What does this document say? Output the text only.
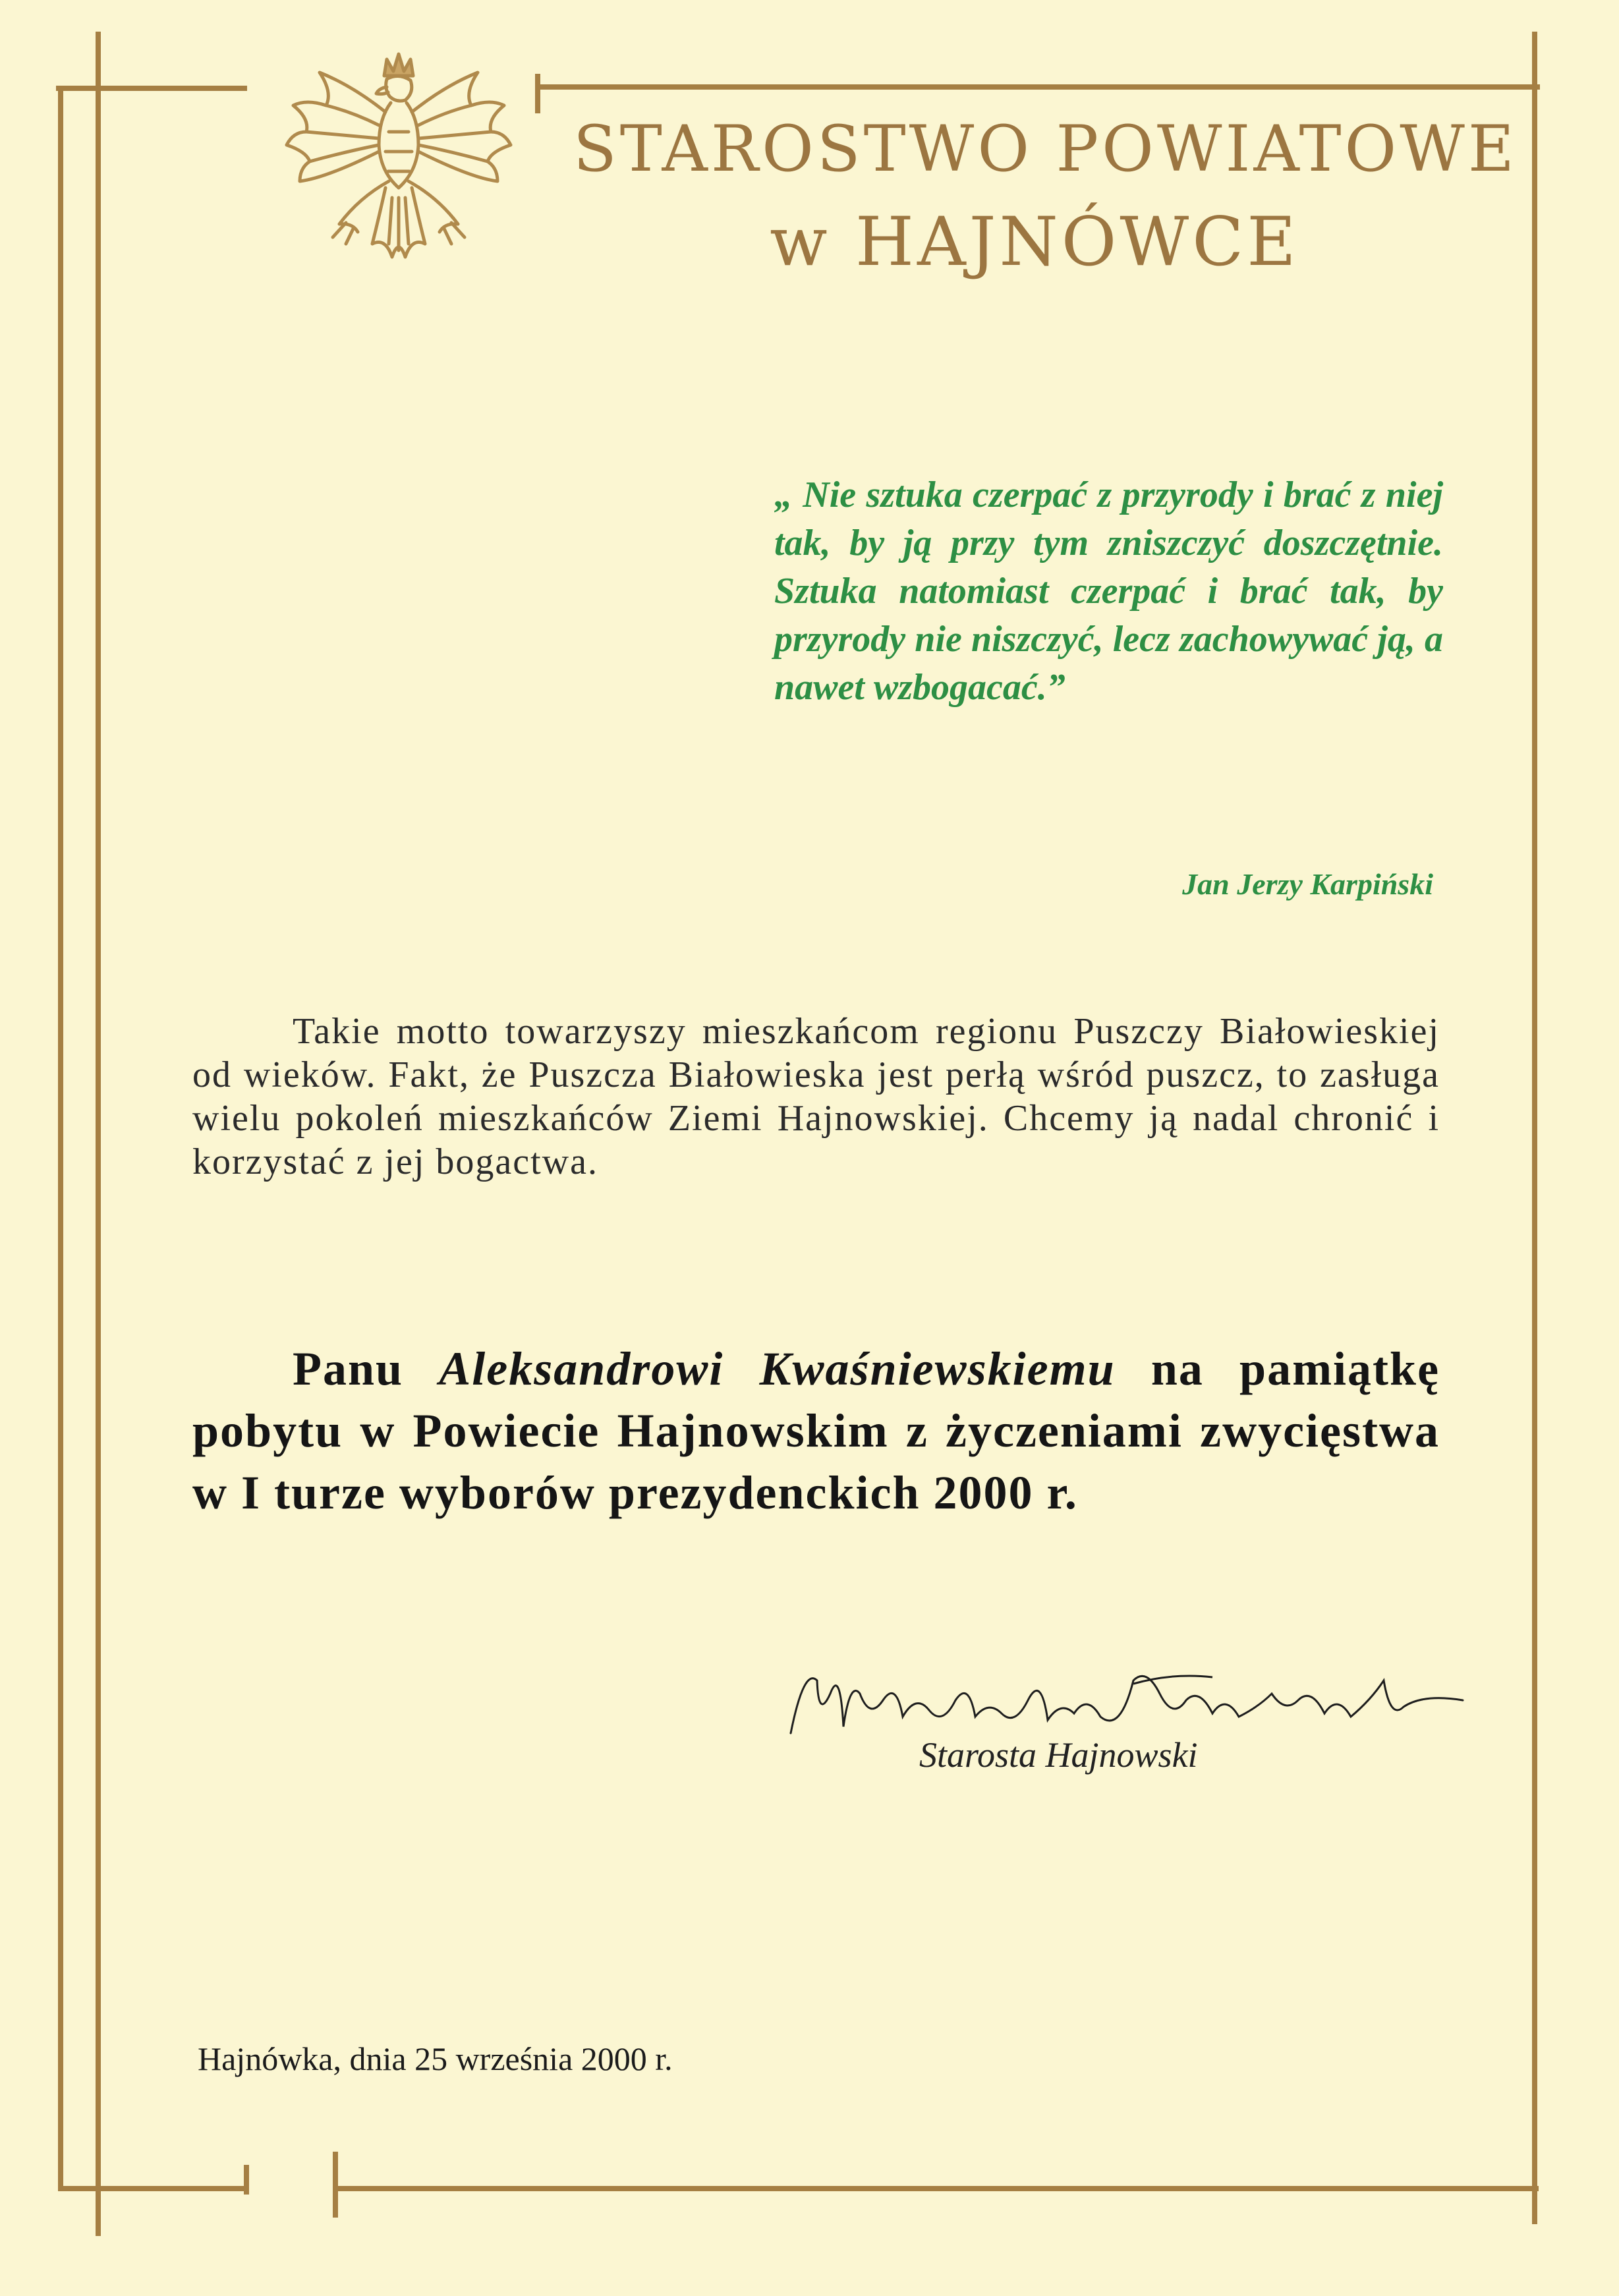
STAROSTWO POWIATOWE
w HAJNÓWCE
„ Nie sztuka czerpać z przyrody i brać z niej tak, by ją przy tym zniszczyć doszczętnie. Sztuka natomiast czerpać i brać tak, by przyrody nie niszczyć, lecz zachowywać ją, a nawet wzbogacać.”
Jan Jerzy Karpiński
Takie motto towarzyszy mieszkańcom regionu Puszczy Białowieskiej od wieków. Fakt, że Puszcza Białowieska jest perłą wśród puszcz, to zasługa wielu pokoleń mieszkańców Ziemi Hajnowskiej. Chcemy ją nadal chronić i korzystać z jej bogactwa.
Panu Aleksandrowi Kwaśniewskiemu na pamiątkę pobytu w Powiecie Hajnowskim z życzeniami zwycięstwa w I turze wyborów prezydenckich 2000 r.
Starosta Hajnowski
Hajnówka, dnia 25 września 2000 r.
